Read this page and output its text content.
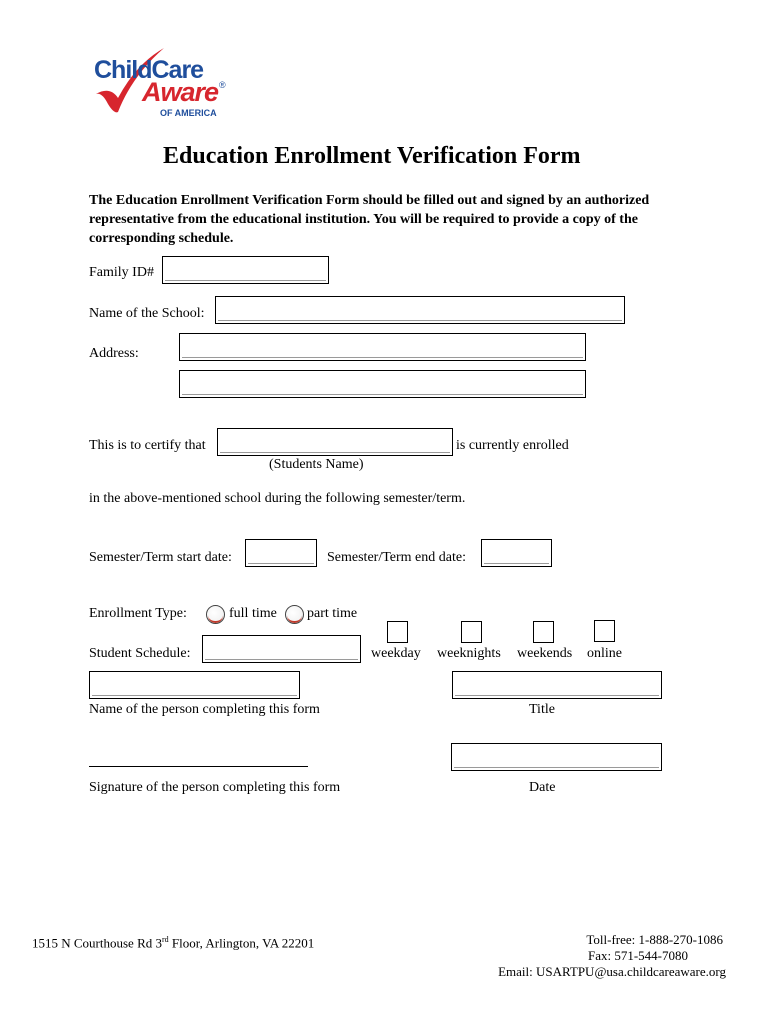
ChildCare
Aware ®
OF AMERICA
Education Enrollment Verification Form
The Education Enrollment Verification Form should be filled out and signed by an authorized representative from the educational institution. You will be required to provide a copy of the corresponding schedule.
Family ID#
Name of the School:
Address:
This is to certify that	is currently enrolled
(Students Name)
in the above-mentioned school during the following semester/term.
Semester/Term start date:	Semester/Term end date:
Enrollment Type:	full time part time
Student Schedule:	weekday weeknights weekends online
Name of the person completing this form	Title
Signature of the person completing this form	Date
1515 N Courthouse Rd 3rd Floor, Arlington, VA 22201	Toll-free: 1-888-270-1086
Fax: 571-544-7080
Email: USARTPU@usa.childcareaware.org
